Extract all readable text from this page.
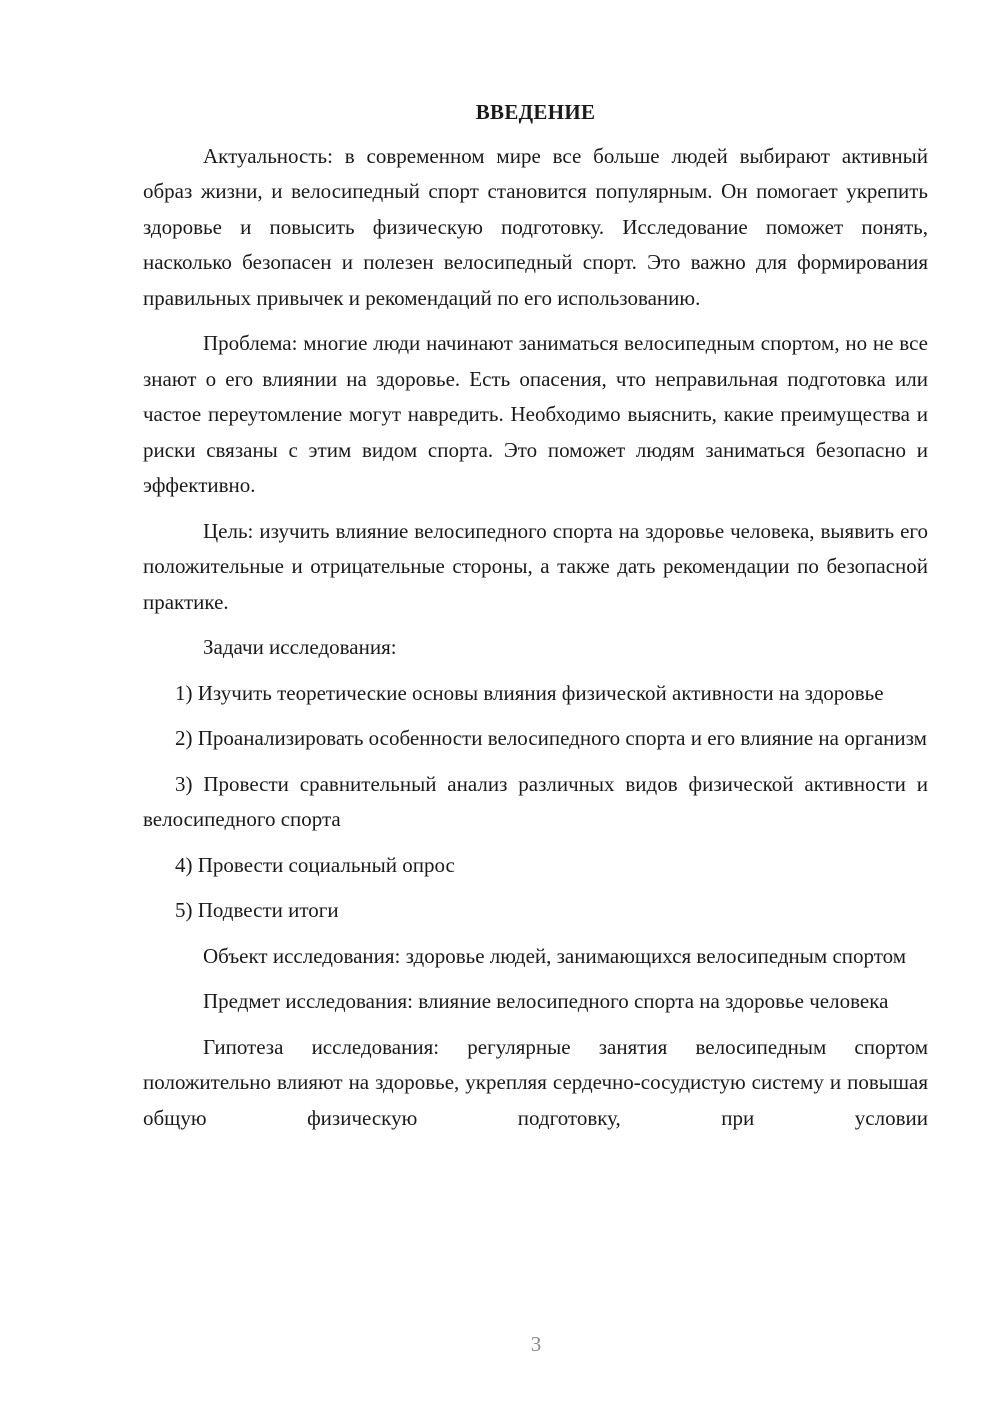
ВВЕДЕНИЕ

Актуальность: в современном мире все больше людей выбирают активный образ жизни, и велосипедный спорт становится популярным. Он помогает укрепить здоровье и повысить физическую подготовку. Исследование поможет понять, насколько безопасен и полезен велосипедный спорт. Это важно для формирования правильных привычек и рекомендаций по его использованию.

Проблема: многие люди начинают заниматься велосипедным спортом, но не все знают о его влиянии на здоровье. Есть опасения, что неправильная подготовка или частое переутомление могут навредить. Необходимо выяснить, какие преимущества и риски связаны с этим видом спорта. Это поможет людям заниматься безопасно и эффективно.

Цель: изучить влияние велосипедного спорта на здоровье человека, выявить его положительные и отрицательные стороны, а также дать рекомендации по безопасной практике.

Задачи исследования:

1) Изучить теоретические основы влияния физической активности на здоровье

2) Проанализировать особенности велосипедного спорта и его влияние на организм

3) Провести сравнительный анализ различных видов физической активности и велосипедного спорта

4) Провести социальный опрос

5) Подвести итоги

Объект исследования: здоровье людей, занимающихся велосипедным спортом

Предмет исследования: влияние велосипедного спорта на здоровье человека

Гипотеза исследования: регулярные занятия велосипедным спортом положительно влияют на здоровье, укрепляя сердечно-сосудистую систему и повышая общую физическую подготовку, при условии

3
